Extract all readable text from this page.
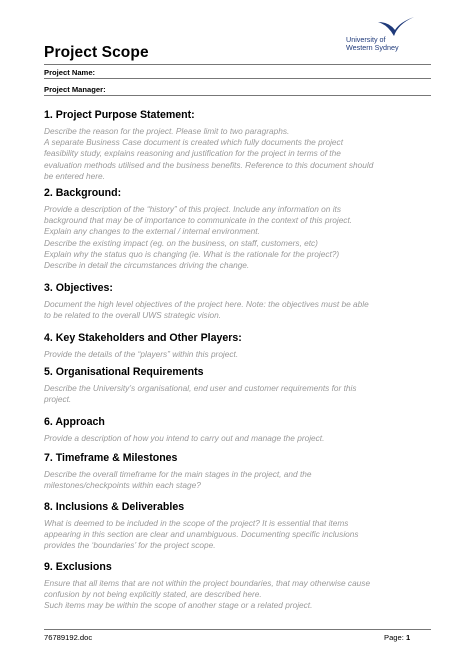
Project Scope
University of
Western Sydney
Project Name:
Project Manager:
1. Project Purpose Statement:
Describe the reason for the project. Please limit to two paragraphs.
A separate Business Case document is created which fully documents the project
feasibility study, explains reasoning and justification for the project in terms of the
evaluation methods utilised and the business benefits. Reference to this document should
be entered here.
2. Background:
Provide a description of the “history” of this project. Include any information on its
background that may be of importance to communicate in the context of this project.
Explain any changes to the external / internal environment.
Describe the existing impact (eg. on the business, on staff, customers, etc)
Explain why the status quo is changing (ie. What is the rationale for the project?)
Describe in detail the circumstances driving the change.
3. Objectives:
Document the high level objectives of the project here. Note: the objectives must be able
to be related to the overall UWS strategic vision.
4. Key Stakeholders and Other Players:
Provide the details of the “players” within this project.
5. Organisational Requirements
Describe the University’s organisational, end user and customer requirements for this
project.
6. Approach
Provide a description of how you intend to carry out and manage the project.
7. Timeframe & Milestones
Describe the overall timeframe for the main stages in the project, and the
milestones/checkpoints within each stage?
8. Inclusions & Deliverables
What is deemed to be included in the scope of the project? It is essential that items
appearing in this section are clear and unambiguous. Documenting specific inclusions
provides the ‘boundaries’ for the project scope.
9. Exclusions
Ensure that all items that are not within the project boundaries, that may otherwise cause
confusion by not being explicitly stated, are described here.
Such items may be within the scope of another stage or a related project.
76789192.doc	Page: 1
